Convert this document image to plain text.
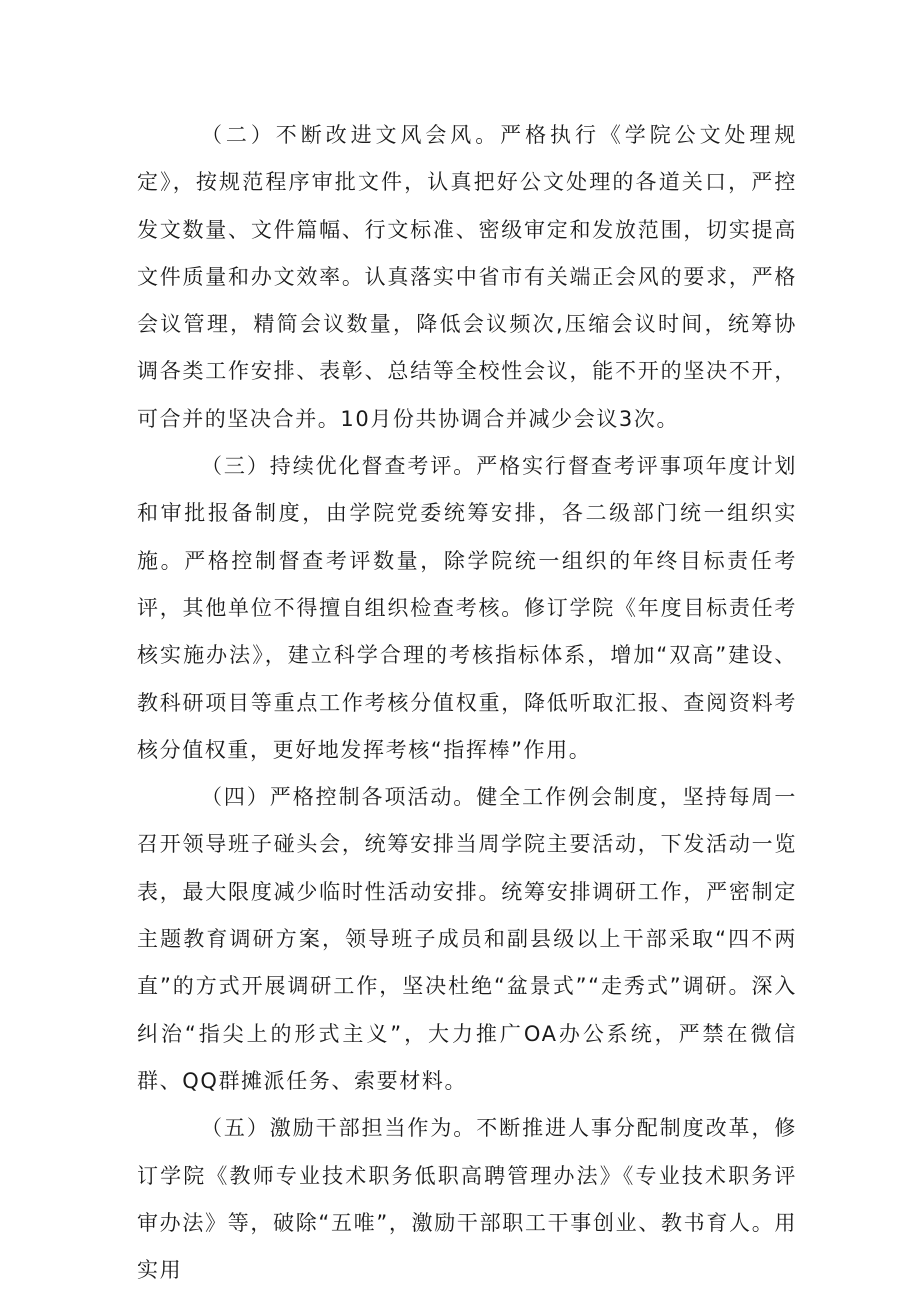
（二）不断改进文风会风。严格执行《学院公文处理规定》，按规范程序审批文件，认真把好公文处理的各道关口，严控发文数量、文件篇幅、行文标准、密级审定和发放范围，切实提高文件质量和办文效率。认真落实中省市有关端正会风的要求，严格会议管理，精简会议数量，降低会议频次,压缩会议时间，统筹协调各类工作安排、表彰、总结等全校性会议，能不开的坚决不开，可合并的坚决合并。10月份共协调合并减少会议3次。

（三）持续优化督查考评。严格实行督查考评事项年度计划和审批报备制度，由学院党委统筹安排，各二级部门统一组织实施。严格控制督查考评数量，除学院统一组织的年终目标责任考评，其他单位不得擅自组织检查考核。修订学院《年度目标责任考核实施办法》，建立科学合理的考核指标体系，增加“双高”建设、教科研项目等重点工作考核分值权重，降低听取汇报、查阅资料考核分值权重，更好地发挥考核“指挥棒”作用。

（四）严格控制各项活动。健全工作例会制度，坚持每周一召开领导班子碰头会，统筹安排当周学院主要活动，下发活动一览表，最大限度减少临时性活动安排。统筹安排调研工作，严密制定主题教育调研方案，领导班子成员和副县级以上干部采取“四不两直”的方式开展调研工作，坚决杜绝“盆景式”“走秀式”调研。深入纠治“指尖上的形式主义”，大力推广OA办公系统，严禁在微信群、QQ群摊派任务、索要材料。

（五）激励干部担当作为。不断推进人事分配制度改革，修订学院《教师专业技术职务低职高聘管理办法》《专业技术职务评审办法》等，破除“五唯”，激励干部职工干事创业、教书育人。用实用
